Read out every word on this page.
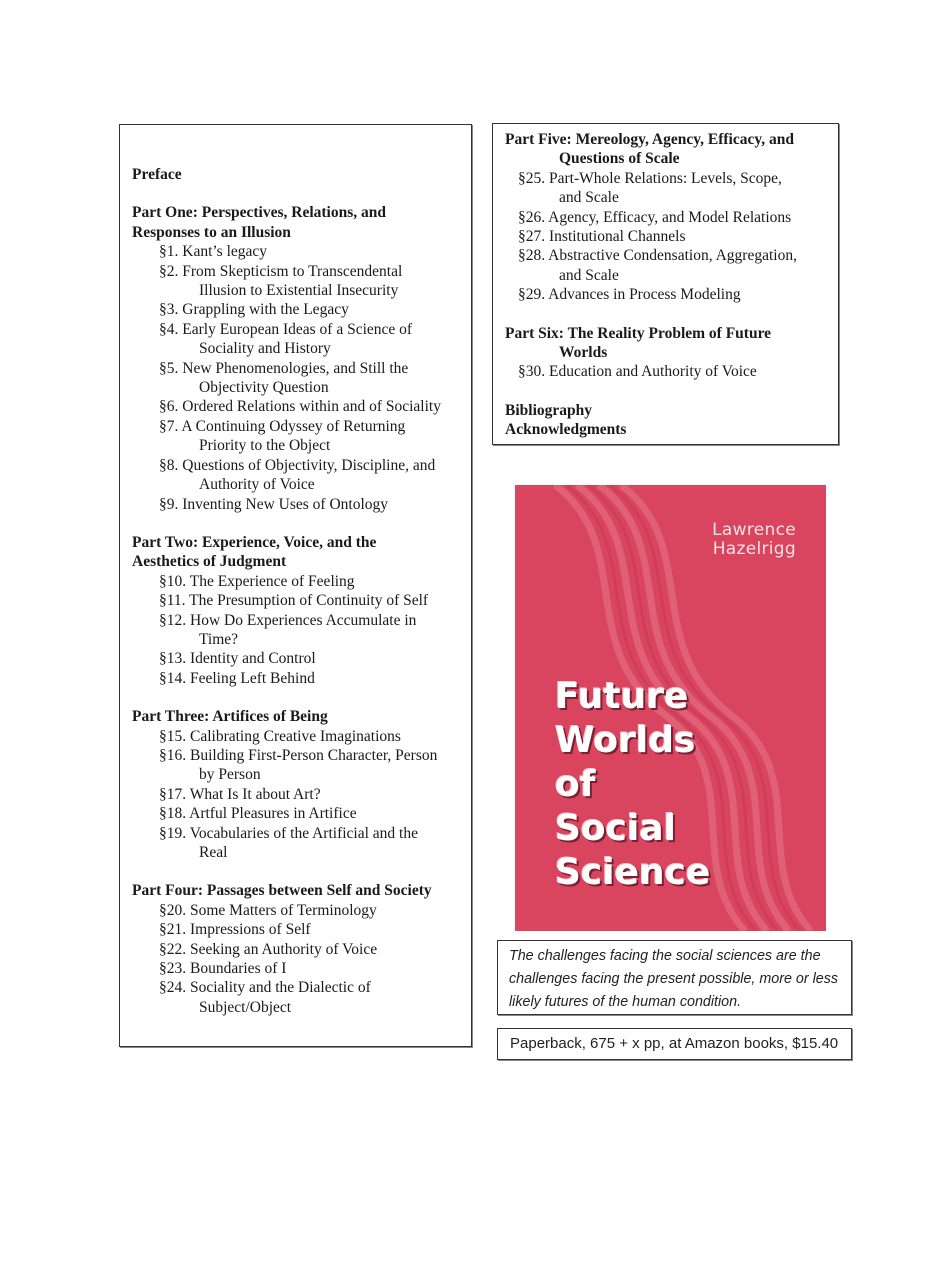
Preface
Part One: Perspectives, Relations, and
Responses to an Illusion
§1. Kant’s legacy
§2. From Skepticism to Transcendental
Illusion to Existential Insecurity
§3. Grappling with the Legacy
§4. Early European Ideas of a Science of
Sociality and History
§5. New Phenomenologies, and Still the
Objectivity Question
§6. Ordered Relations within and of Sociality
§7. A Continuing Odyssey of Returning
Priority to the Object
§8. Questions of Objectivity, Discipline, and
Authority of Voice
§9. Inventing New Uses of Ontology
Part Two: Experience, Voice, and the
Aesthetics of Judgment
§10. The Experience of Feeling
§11. The Presumption of Continuity of Self
§12. How Do Experiences Accumulate in
Time?
§13. Identity and Control
§14. Feeling Left Behind
Part Three: Artifices of Being
§15. Calibrating Creative Imaginations
§16. Building First-Person Character, Person
by Person
§17. What Is It about Art?
§18. Artful Pleasures in Artifice
§19. Vocabularies of the Artificial and the
Real
Part Four: Passages between Self and Society
§20. Some Matters of Terminology
§21. Impressions of Self
§22. Seeking an Authority of Voice
§23. Boundaries of I
§24. Sociality and the Dialectic of
Subject/Object
Part Five: Mereology, Agency, Efficacy, and
Questions of Scale
§25. Part-Whole Relations: Levels, Scope,
and Scale
§26. Agency, Efficacy, and Model Relations
§27. Institutional Channels
§28. Abstractive Condensation, Aggregation,
and Scale
§29. Advances in Process Modeling
Part Six: The Reality Problem of Future
Worlds
§30. Education and Authority of Voice
Bibliography
Acknowledgments
Lawrence
Hazelrigg
Future
Worlds
of
Social
Science
The challenges facing the social sciences are the challenges facing the present possible, more or less likely futures of the human condition.
Paperback, 675 + x pp, at Amazon books, $15.40
